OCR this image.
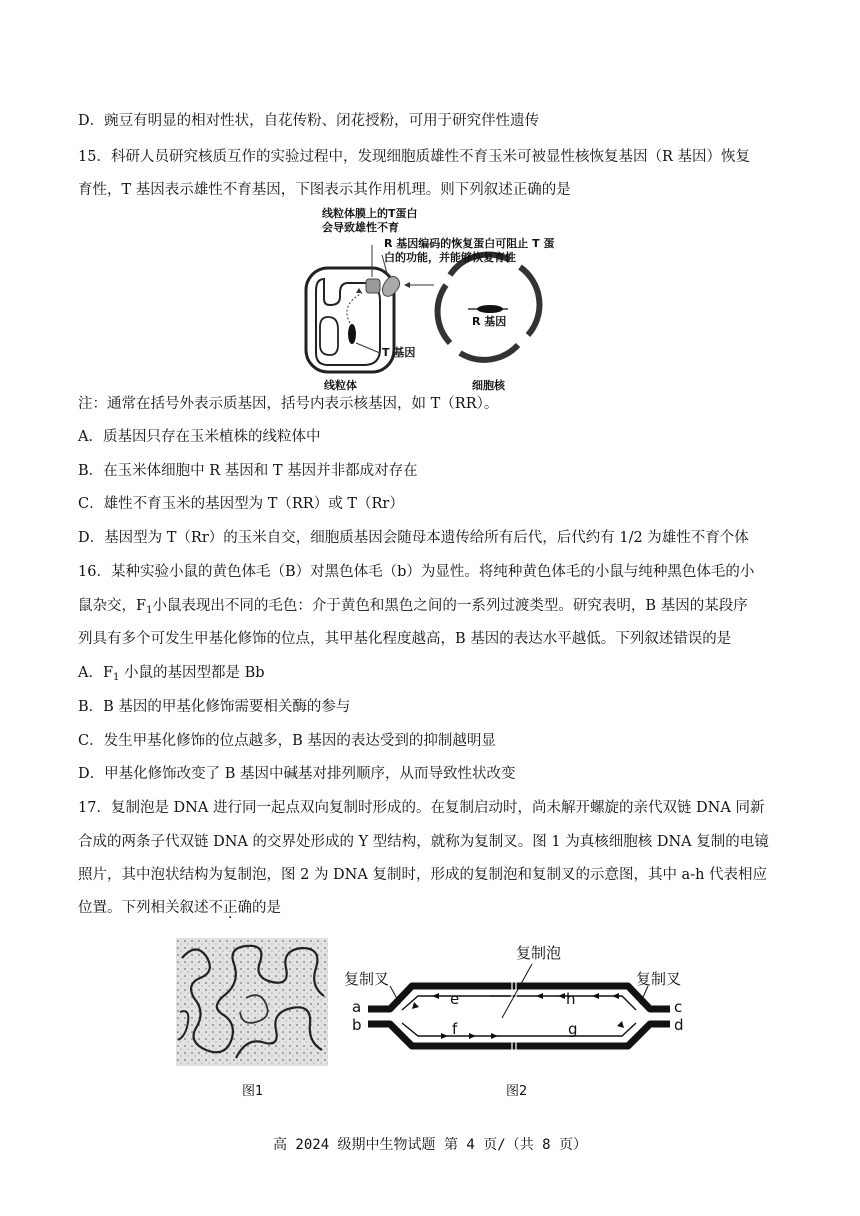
D．豌豆有明显的相对性状，自花传粉、闭花授粉，可用于研究伴性遗传
15．科研人员研究核质互作的实验过程中，发现细胞质雄性不育玉米可被显性核恢复基因（R 基因）恢复
育性，T 基因表示雄性不育基因，下图表示其作用机理。则下列叙述正确的是
线粒体膜上的T蛋白
会导致雄性不育
R 基因编码的恢复蛋白可阻止 T 蛋
白的功能，并能够恢复育性
R 基因
T 基因
线粒体	细胞核
注：通常在括号外表示质基因，括号内表示核基因，如 T（RR）。
A．质基因只存在玉米植株的线粒体中
B．在玉米体细胞中 R 基因和 T 基因并非都成对存在
C．雄性不育玉米的基因型为 T（RR）或 T（Rr）
D．基因型为 T（Rr）的玉米自交，细胞质基因会随母本遗传给所有后代，后代约有 1/2 为雄性不育个体
16．某种实验小鼠的黄色体毛（B）对黑色体毛（b）为显性。将纯种黄色体毛的小鼠与纯种黑色体毛的小
鼠杂交，$F_1$小鼠表现出不同的毛色：介于黄色和黑色之间的一系列过渡类型。研究表明，B 基因的某段序
列具有多个可发生甲基化修饰的位点，其甲基化程度越高，B 基因的表达水平越低。下列叙述错误的是
A．$F_1$ 小鼠的基因型都是 Bb
B．B 基因的甲基化修饰需要相关酶的参与
C．发生甲基化修饰的位点越多，B 基因的表达受到的抑制越明显
D．甲基化修饰改变了 B 基因中碱基对排列顺序，从而导致性状改变
17．复制泡是 DNA 进行同一起点双向复制时形成的。在复制启动时，尚未解开螺旋的亲代双链 DNA 同新
合成的两条子代双链 DNA 的交界处形成的 Y 型结构，就称为复制叉。图 1 为真核细胞核 DNA 复制的电镜
照片，其中泡状结构为复制泡，图 2 为 DNA 复制时，形成的复制泡和复制叉的示意图，其中 a-h 代表相应
位置。下列相关叙述不正确的是
复制泡
复制叉	复制叉
a
b
c
d
e
f	g
h
图1	图2
高 2024 级期中生物试题 第 4 页/（共 8 页）
